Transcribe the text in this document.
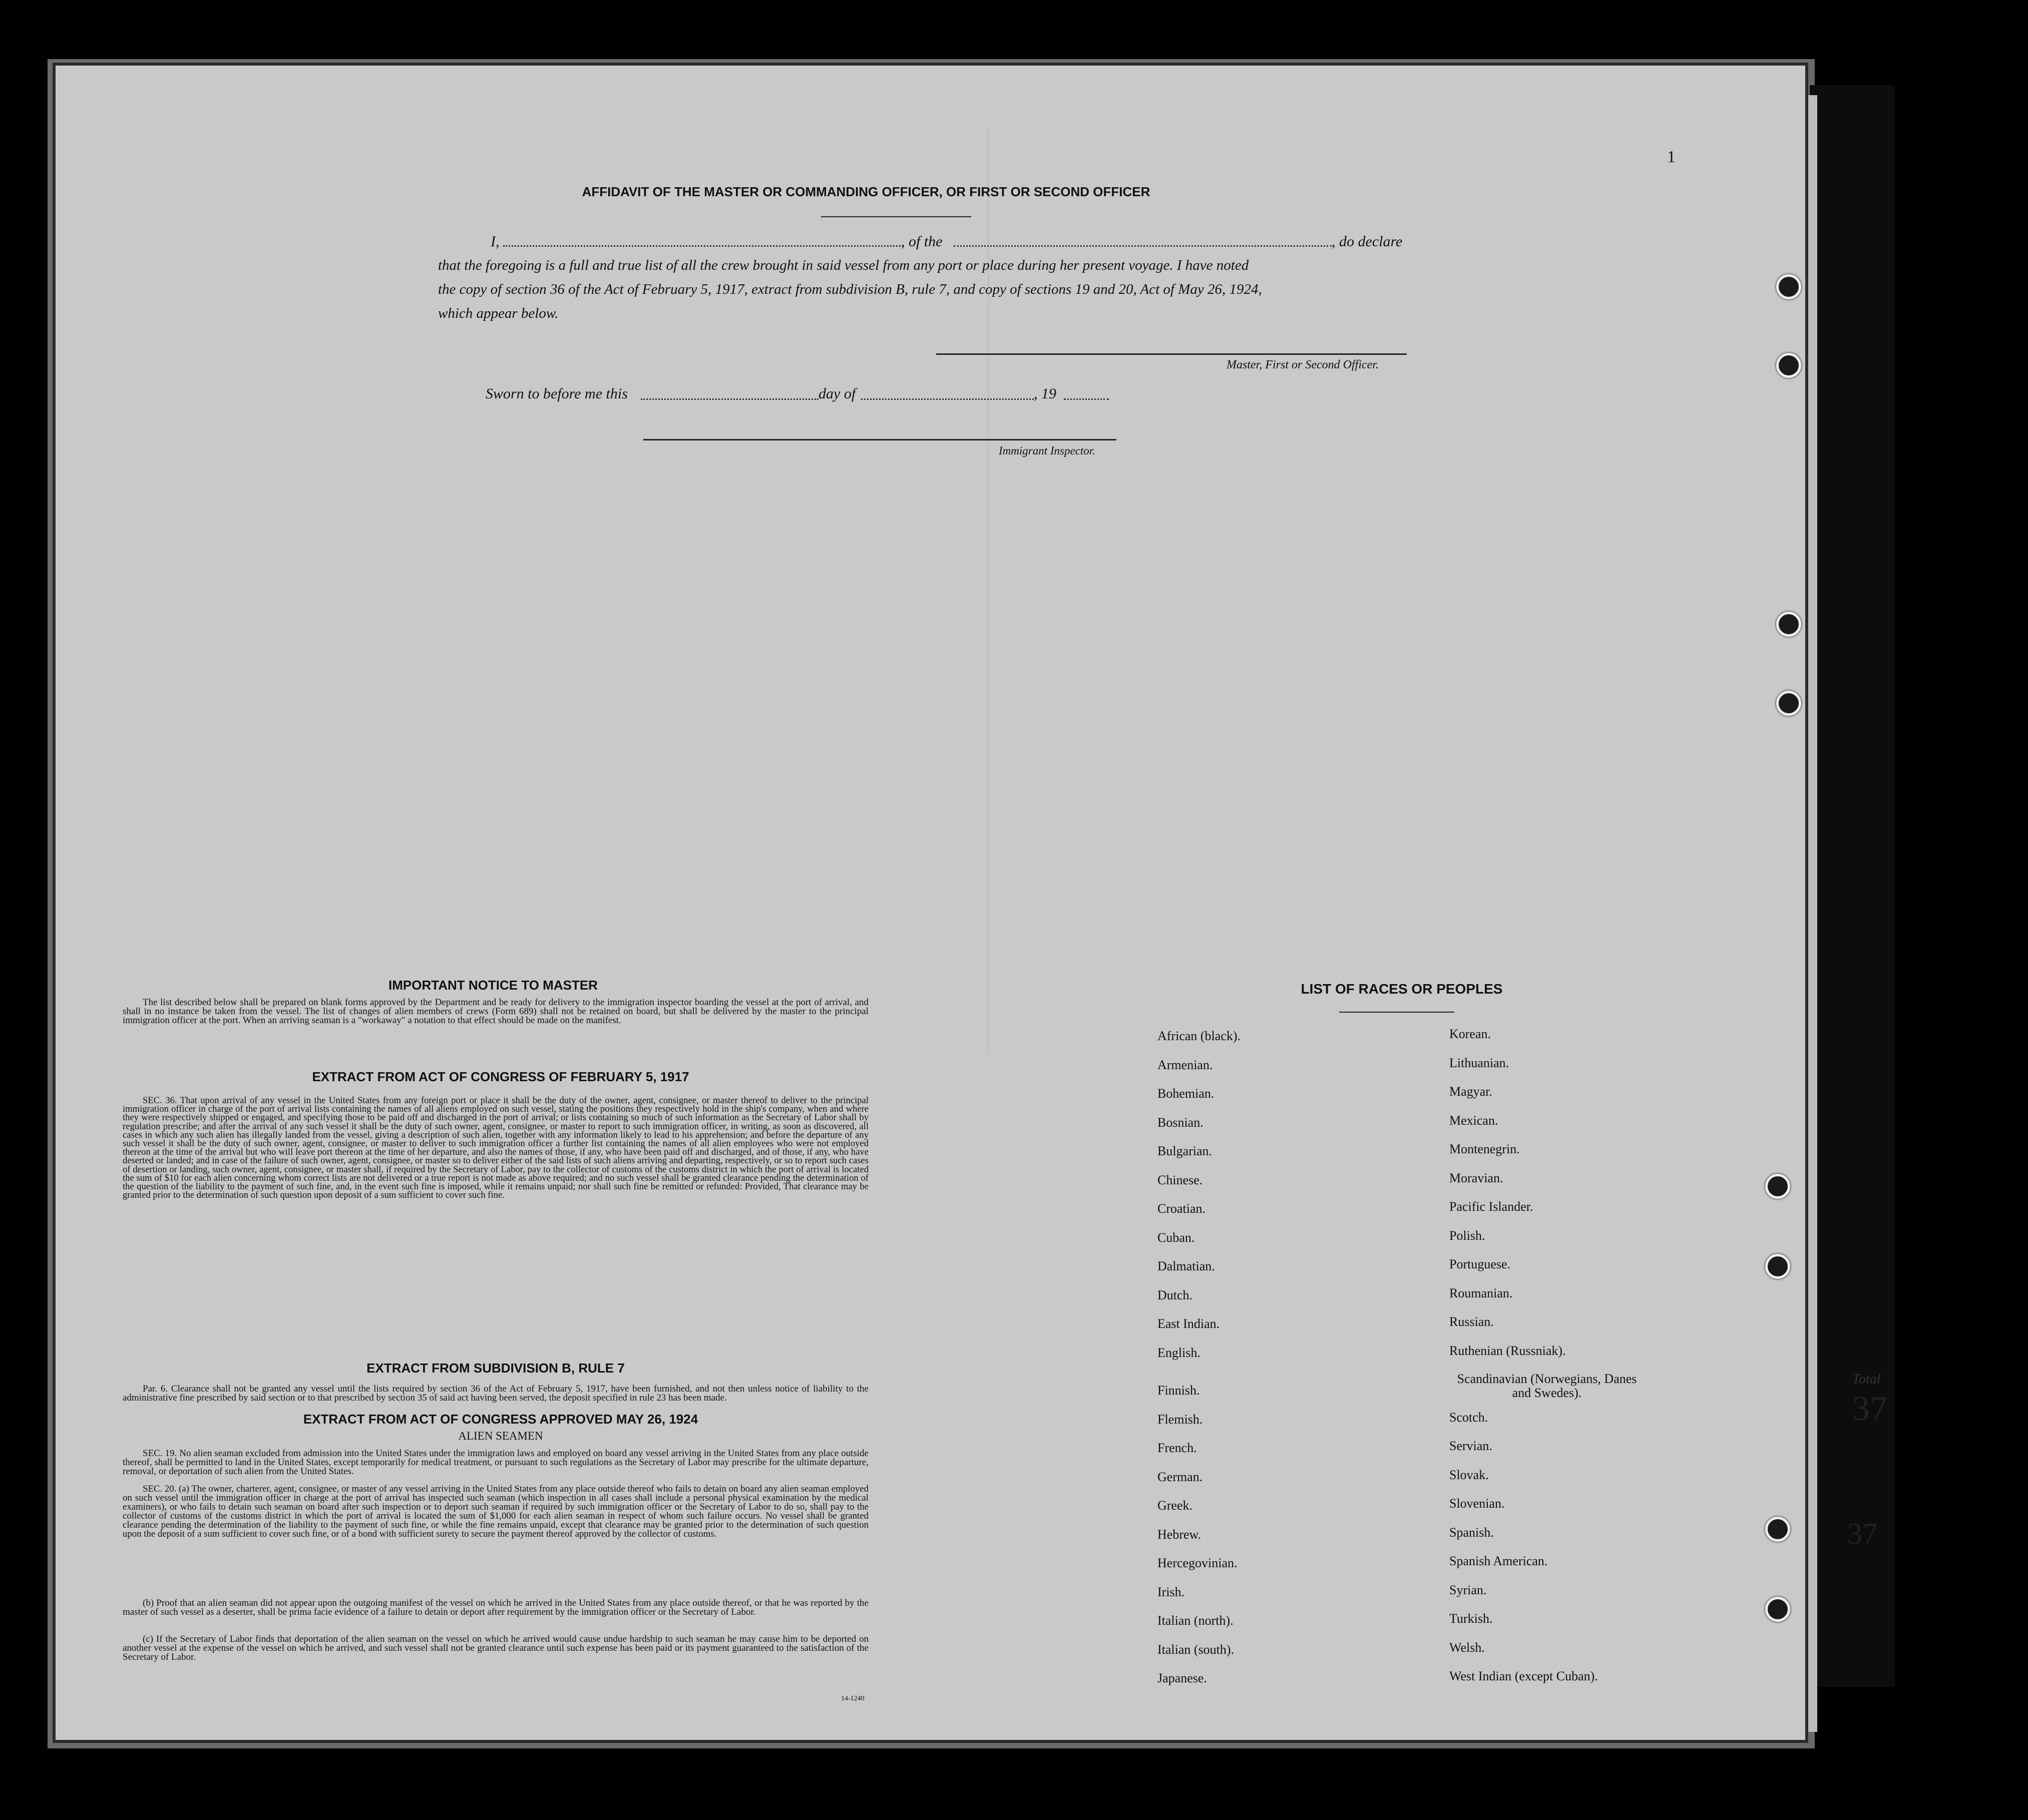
1
AFFIDAVIT OF THE MASTER OR COMMANDING OFFICER, OR FIRST OR SECOND OFFICER
I,	, of the	, do declare
that the foregoing is a full and true list of all the crew brought in said vessel from any port or place during her present voyage. I have noted
the copy of section 36 of the Act of February 5, 1917, extract from subdivision B, rule 7, and copy of sections 19 and 20, Act of May 26, 1924,
which appear below.
Master, First or Second Officer.
Sworn to before me this	day of	, 19
Immigrant Inspector.
IMPORTANT NOTICE TO MASTER
The list described below shall be prepared on blank forms approved by the Department and be ready for delivery to the immigration inspector boarding the vessel at the port of arrival, and shall in no instance be taken from the vessel. The list of changes of alien members of crews (Form 689) shall not be retained on board, but shall be delivered by the master to the principal immigration officer at the port. When an arriving seaman is a "workaway" a notation to that effect should be made on the manifest.
EXTRACT FROM ACT OF CONGRESS OF FEBRUARY 5, 1917
SEC. 36. That upon arrival of any vessel in the United States from any foreign port or place it shall be the duty of the owner, agent, consignee, or master thereof to deliver to the principal immigration officer in charge of the port of arrival lists containing the names of all aliens employed on such vessel, stating the positions they respectively hold in the ship's company, when and where they were respectively shipped or engaged, and specifying those to be paid off and discharged in the port of arrival; or lists containing so much of such information as the Secretary of Labor shall by regulation prescribe; and after the arrival of any such vessel it shall be the duty of such owner, agent, consignee, or master to report to such immigration officer, in writing, as soon as discovered, all cases in which any such alien has illegally landed from the vessel, giving a description of such alien, together with any information likely to lead to his apprehension; and before the departure of any such vessel it shall be the duty of such owner, agent, consignee, or master to deliver to such immigration officer a further list containing the names of all alien employees who were not employed thereon at the time of the arrival but who will leave port thereon at the time of her departure, and also the names of those, if any, who have been paid off and discharged, and of those, if any, who have deserted or landed; and in case of the failure of such owner, agent, consignee, or master so to deliver either of the said lists of such aliens arriving and departing, respectively, or so to report such cases of desertion or landing, such owner, agent, consignee, or master shall, if required by the Secretary of Labor, pay to the collector of customs of the customs district in which the port of arrival is located the sum of $10 for each alien concerning whom correct lists are not delivered or a true report is not made as above required; and no such vessel shall be granted clearance pending the determination of the question of the liability to the payment of such fine, and, in the event such fine is imposed, while it remains unpaid; nor shall such fine be remitted or refunded: Provided, That clearance may be granted prior to the determination of such question upon deposit of a sum sufficient to cover such fine.
EXTRACT FROM SUBDIVISION B, RULE 7
Par. 6. Clearance shall not be granted any vessel until the lists required by section 36 of the Act of February 5, 1917, have been furnished, and not then unless notice of liability to the administrative fine prescribed by said section or to that prescribed by section 35 of said act having been served, the deposit specified in rule 23 has been made.
EXTRACT FROM ACT OF CONGRESS APPROVED MAY 26, 1924
ALIEN SEAMEN
SEC. 19. No alien seaman excluded from admission into the United States under the immigration laws and employed on board any vessel arriving in the United States from any place outside thereof, shall be permitted to land in the United States, except temporarily for medical treatment, or pursuant to such regulations as the Secretary of Labor may prescribe for the ultimate departure, removal, or deportation of such alien from the United States.
SEC. 20. (a) The owner, charterer, agent, consignee, or master of any vessel arriving in the United States from any place outside thereof who fails to detain on board any alien seaman employed on such vessel until the immigration officer in charge at the port of arrival has inspected such seaman (which inspection in all cases shall include a personal physical examination by the medical examiners), or who fails to detain such seaman on board after such inspection or to deport such seaman if required by such immigration officer or the Secretary of Labor to do so, shall pay to the collector of customs of the customs district in which the port of arrival is located the sum of $1,000 for each alien seaman in respect of whom such failure occurs. No vessel shall be granted clearance pending the determination of the liability to the payment of such fine, or while the fine remains unpaid, except that clearance may be granted prior to the determination of such question upon the deposit of a sum sufficient to cover such fine, or of a bond with sufficient surety to secure the payment thereof approved by the collector of customs.
(b) Proof that an alien seaman did not appear upon the outgoing manifest of the vessel on which he arrived in the United States from any place outside thereof, or that he was reported by the master of such vessel as a deserter, shall be prima facie evidence of a failure to detain or deport after requirement by the immigration officer or the Secretary of Labor.
(c) If the Secretary of Labor finds that deportation of the alien seaman on the vessel on which he arrived would cause undue hardship to such seaman he may cause him to be deported on another vessel at the expense of the vessel on which he arrived, and such vessel shall not be granted clearance until such expense has been paid or its payment guaranteed to the satisfaction of the Secretary of Labor.
14-1240
LIST OF RACES OR PEOPLES
African (black).
Armenian.
Bohemian.
Bosnian.
Bulgarian.
Chinese.
Croatian.
Cuban.
Dalmatian.
Dutch.
East Indian.
English.
Finnish.
Flemish.
French.
German.
Greek.
Hebrew.
Hercegovinian.
Irish.
Italian (north).
Italian (south).
Japanese.
Korean.
Lithuanian.
Magyar.
Mexican.
Montenegrin.
Moravian.
Pacific Islander.
Polish.
Portuguese.
Roumanian.
Russian.
Ruthenian (Russniak).
Scandinavian (Norwegians, Danes and Swedes).
Scotch.
Servian.
Slovak.
Slovenian.
Spanish.
Spanish American.
Syrian.
Turkish.
Welsh.
West Indian (except Cuban).
Total
37
37
